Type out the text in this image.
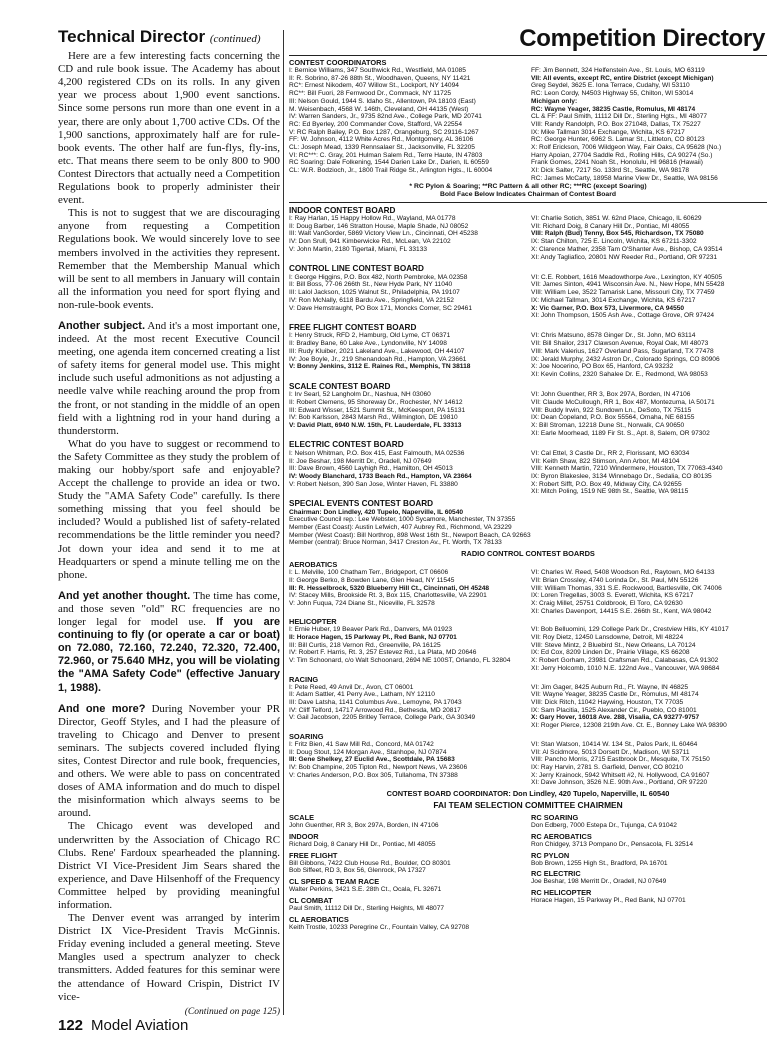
Technical Director (continued)

Here are a few interesting facts concerning the CD and rule book issue. The Academy has about 4,200 registered CDs on its rolls. In any given year we process about 1,900 event sanctions. Since some persons run more than one event in a year, there are only about 1,700 active CDs. Of the 1,900 sanctions, approximately half are for rule-book events. The other half are fun-flys, fly-ins, etc. That means there seem to be only 800 to 900 Contest Directors that actually need a Competition Regulations book to properly administer their event.

This is not to suggest that we are discouraging anyone from requesting a Competition Regulations book. We would sincerely love to see members involved in the activities they represent. Remember that the Membership Manual which will be sent to all members in January will contain all the information you need for sport flying and non-rule-book events.

Another subject. And it's a most important one, indeed. At the most recent Executive Council meeting, one agenda item concerned creating a list of safety items for general model use. This might include such useful admonitions as not adjusting a needle valve while reaching around the prop from the front, or not standing in the middle of an open field with a lightning rod in your hand during a thunderstorm.

What do you have to suggest or recommend to the Safety Committee as they study the problem of making our hobby/sport safe and enjoyable? Accept the challenge to provide an idea or two. Study the "AMA Safety Code" carefully. Is there something missing that you feel should be included? Would a published list of safety-related recommendations be the little reminder you need? Jot down your idea and send it to me at Headquarters or spend a minute telling me on the phone.

And yet another thought. The time has come, and those seven "old" RC frequencies are no longer legal for model use. If you are continuing to fly (or operate a car or boat) on 72.080, 72.160, 72.240, 72.320, 72.400, 72.960, or 75.640 MHz, you will be violating the "AMA Safety Code" (effective January 1, 1988).

And one more? During November your PR Director, Geoff Styles, and I had the pleasure of traveling to Chicago and Denver to present seminars. The subjects covered included flying sites, Contest Director and rule book, frequencies, and others. We were able to pass on concentrated doses of AMA information and do much to dispel the misinformation which always seems to be around.

The Chicago event was developed and underwritten by the Association of Chicago RC Clubs. Rene' Fardoux spearheaded the planning. District VI Vice-President Jim Sears shared the experience, and Dave Hilsenhoff of the Frequency Committee helped by providing meaningful information.

The Denver event was arranged by interim District IX Vice-President Travis McGinnis. Friday evening included a general meeting. Steve Mangles used a spectrum analyzer to check transmitters. Added features for this seminar were the attendance of Howard Crispin, District IV vice-

(Continued on page 125)

Competition Directory
CONTEST COORDINATORS
I: Bernice Williams, 347 Southwick Rd., Westfield, MA 01085
II: R. Sobrino, 87-26 88th St., Woodhaven, Queens, NY 11421
RC*: Ernest Nikodem, 407 Willow St., Lockport, NY 14094
RC**: Bill Fuori, 28 Fernwood Dr., Commack, NY 11725
III: Nelson Gould, 1944 S. Idaho St., Allentown, PA 18103 (East)
M. Weisenbach, 4568 W. 146th, Cleveland, OH 44135 (West)
IV: Warren Sanders, Jr., 9735 82nd Ave., College Park, MD 20741
RC: Ed Byerley, 200 Commander Cove, Stafford, VA 22554
V: RC Ralph Bailey, P.O. Box 1287, Orangeburg, SC 29116-1267
FF: W. Johnson, 4112 White Acres Rd., Montgomery, AL 36106
CL: Joseph Mead, 1339 Rennsalaer St., Jacksonville, FL 32205
VI: RC***: C. Gray, 201 Hulman Salem Rd., Terre Haute, IN 47803
RC Soaring: Dale Folkening, 1544 Darien Lake Dr., Darien, IL 60559
CL: W.R. Bodzioch, Jr., 1800 Trail Ridge St., Arlington Hgts., IL 60004
FF: Jim Bennett, 324 Helfenstein Ave., St. Louis, MO 63119
VII: All events, except RC, entire District (except Michigan)
Greg Seydel, 3625 E. Iona Terrace, Cudahy, WI 53110
RC: Leon Cordy, N4503 Highway 55, Chilton, WI 53014
Michigan only:
RC: Wayne Yeager, 38235 Castle, Romulus, MI 48174
CL & FF: Paul Smith, 11112 Dill Dr., Sterling Hgts., MI 48077
VIII: Randy Randolph, P.O. Box 271048, Dallas, TX 75227
IX: Mike Tallman 3014 Exchange, Wichita, KS 67217
RC: George Hunter, 6962 S. Lamar St., Littleton, CO 80123
X: Rolf Erickson, 7006 Wildgeon Way, Fair Oaks, CA 95628 (No.)
Harry Apoian, 27704 Saddle Rd., Rolling Hills, CA 90274 (So.)
Frank Gomes, 2241 Noah St., Honolulu, HI 96816 (Hawaii)
XI: Dick Salter, 7217 So. 133rd St., Seattle, WA 98178
RC: James McCarty, 18958 Marine View Dr., Seattle, WA 98156
* RC Pylon & Soaring; **RC Pattern & all other RC; ***RC (except Soaring)
Bold Face Below Indicates Chairman of Contest Board
INDOOR CONTEST BOARD
I: Ray Harlan, 15 Happy Hollow Rd., Wayland, MA 01778
II: Doug Barber, 146 Stratton House, Maple Shade, NJ 08052
III: Walt VanGorder, 5869 Victory View Ln., Cincinnati, OH 45238
IV: Don Srull, 941 Kimberwicke Rd., McLean, VA 22102
V: John Martin, 2180 Tigertail, Miami, FL 33133
VI: Charlie Sotich, 3851 W. 62nd Place, Chicago, IL 60629
VII: Richard Doig, 8 Canary Hill Dr., Pontiac, MI 48055
VIII: Ralph (Bud) Tenny, Box 545, Richardson, TX 75080
IX: Stan Chilton, 725 E. Lincoln, Wichita, KS 67211-3302
X: Clarence Mather, 2358 Tam O'Shanter Ave., Bishop, CA 93514
XI: Andy Tagliafico, 20801 NW Reeder Rd., Portland, OR 97231
CONTROL LINE CONTEST BOARD
I: George Higgins, P.O. Box 482, North Pembroke, MA 02358
II: Bill Boss, 77-06 266th St., New Hyde Park, NY 11040
III: Lalol Jackson, 1025 Walnut St., Philadelphia, PA 19107
IV: Ron McNally, 6118 Bardu Ave., Springfield, VA 22152
V: Dave Hemstraught, PO Box 171, Moncks Corner, SC 29461
VI: C.E. Robbert, 1616 Meadowthorpe Ave., Lexington, KY 40505
VII: James Sinton, 4941 Wisconsin Ave. N., New Hope, MN 55428
VIII: William Lee, 3522 Tamarisk Lane, Missouri City, TX 77459
IX: Michael Tallman, 3014 Exchange, Wichita, KS 67217
X: Vic Garner, P.O. Box 573, Livermore, CA 94550
XI: John Thompson, 1505 Ash Ave., Cottage Grove, OR 97424
FREE FLIGHT CONTEST BOARD
I: Henry Struck, RFD 2, Hamburg, Old Lyme, CT 06371
II: Bradley Bane, 60 Lake Ave., Lyndonville, NY 14098
III: Rudy Kluiber, 2021 Lakeland Ave., Lakewood, OH 44107
IV: Joe Boyle, Jr., 219 Shenandoah Rd., Hampton, VA 23661
V: Bonny Jenkins, 3112 E. Raines Rd., Memphis, TN 38118
VI: Chris Matsuno, 8578 Ginger Dr., St. John, MO 63114
VII: Bill Shailor, 2317 Clawson Avenue, Royal Oak, MI 48073
VIII: Mark Valerius, 1627 Overland Pass, Sugarland, TX 77478
IX: Jerald Murphy, 2432 Astron Dr., Colorado Springs, CO 80906
X: Joe Nocerino, PO Box 65, Hanford, CA 93232
XI: Kevin Collins, 2320 Sahalee Dr. E., Redmond, WA 98053
SCALE CONTEST BOARD
I: Irv Searl, 52 Langholm Dr., Nashua, NH 03060
II: Robert Clemens, 95 Shoreway Dr., Rochester, NY 14612
III: Edward Wisser, 1521 Summit St., McKeesport, PA 15131
IV: Bob Karlsson, 2843 Marsh Rd., Wilmington, DE 19810
V: David Platt, 6940 N.W. 15th, Ft. Lauderdale, FL 33313
VI: John Guenther, RR 3, Box 297A, Borden, IN 47106
VII: Claude McCullough, RR 1, Box 487, Montezuma, IA 50171
VIII: Buddy Irwin, 922 Sundown Ln., DeSoto, TX 75115
IX: Dean Copeland, P.O. Box 55564, Omaha, NE 68155
X: Bill Stroman, 12218 Dune St., Norwalk, CA 90650
XI: Earle Moorhead, 1189 Fir St. S., Apt. 8, Salem, OR 97302
ELECTRIC CONTEST BOARD
I: Nelson Whitman, P.O. Box 415, East Falmouth, MA 02536
II: Joe Beshar, 198 Merritt Dr., Oradell, NJ 07649
III: Dave Brown, 4560 Layhigh Rd., Hamilton, OH 45013
IV: Woody Blanchard, 1733 Beach Rd., Hampton, VA 23664
V: Robert Nelson, 390 San Jose, Winter Haven, FL 33880
VI: Cal Ettel, 3 Castle Dr., RR 2, Florissant, MO 63034
VII: Keith Shaw, 822 Stimson, Ann Arbor, MI 48104
VIII: Kenneth Martin, 7210 Windermere, Houston, TX 77063-4340
IX: Byron Blakeslee, 3134 Winnebago Dr., Sedalia, CO 80135
X: Robert Sifft, P.O. Box 49, Midway City, CA 92655
XI: Mitch Poling, 1519 NE 98th St., Seattle, WA 98115
SPECIAL EVENTS CONTEST BOARD
Chairman: Don Lindley, 420 Tupelo, Naperville, IL 60540
Executive Council rep.: Lee Webster, 1000 Sycamore, Manchester, TN 37355
Member (East Coast): Austin Lefwich, 407 Aubrey Rd., Richmond, VA 23229
Member (West Coast): Bill Northrop, 898 West 16th St., Newport Beach, CA 92663
Member (central): Bruce Norman, 3417 Creston Av., Ft. Worth, TX 78133
RADIO CONTROL CONTEST BOARDS
AEROBATICS
I: L. Melville, 100 Chatham Terr., Bridgeport, CT 06606
II: George Berko, 8 Bowden Lane, Glen Head, NY 11545
III: R. Hesselbrock, 5320 Blueberry Hill Ct., Cincinnati, OH 45248
IV: Stacey Mills, Brookside Rt. 3, Box 115, Charlottesville, VA 22901
V: John Fuqua, 724 Diane St., Niceville, FL 32578
VI: Charles W. Reed, 5408 Woodson Rd., Raytown, MO 64133
VII: Brian Crossley, 4740 Lorinda Dr., St. Paul, MN 55126
VIII: William Thomas, 331 S.E. Rockwood, Bartlesville, OK 74006
IX: Loren Tregellas, 3003 S. Everett, Wichita, KS 67217
X: Craig Millet, 25751 Coldbrook, El Toro, CA 92630
XI: Charles Davenport, 14415 S.E. 266th St., Kent, WA 98042
HELICOPTER
I: Ernie Huber, 19 Beaver Park Rd., Danvers, MA 01923
II: Horace Hagen, 15 Parkway Pl., Red Bank, NJ 07701
III: Bill Curtis, 218 Vernon Rd., Greenville, PA 16125
IV: Robert F. Harris, Rt. 3, 257 Estevez Rd., La Plata, MD 20646
V: Tim Schoonard, c/o Walt Schoonard, 2694 NE 100ST, Orlando, FL 32804
VI: Bob Belluomini, 129 College Park Dr., Crestview Hills, KY 41017
VII: Roy Dietz, 12450 Lansdowne, Detroit, MI 48224
VIII: Steve Mintz, 2 Bluebird St., New Orleans, LA 70124
IX: Ed Cox, 8209 Linden Dr., Prairie Village, KS 66208
X: Robert Gorham, 23981 Craftsman Rd., Calabasas, CA 91302
XI: Jerry Holcomb, 1010 N.E. 122nd Ave., Vancouver, WA 98684
RACING
I: Pete Reed, 49 Anvil Dr., Avon, CT 06001
II: Adam Sattler, 41 Perry Ave., Latham, NY 12110
III: Dave Latsha, 1141 Columbus Ave., Lemoyne, PA 17043
IV: Cliff Telford, 14717 Arrowood Rd., Bethesda, MD 20817
V: Gail Jacobson, 2205 Britley Terrace, College Park, GA 30349
VI: Jim Gager, 8425 Auburn Rd., Ft. Wayne, IN 46825
VII: Wayne Yeager, 38235 Castle Dr., Romulus, MI 48174
VIII: Dick Ritch, 11042 Haywing, Houston, TX 77035
IX: Sam Placitia, 1525 Alexander Cir., Pueblo, CO 81001
X: Gary Hover, 16018 Ave. 288, Visalia, CA 93277-9757
XI: Roger Pierce, 12308 219th Ave. Ct. E., Bonney Lake WA 98390
SOARING
I: Fritz Bien, 41 Saw Mill Rd., Concord, MA 01742
II: Doug Stout, 124 Morgan Ave., Stanhope, NJ 07874
III: Gene Shelkey, 27 Euclid Ave., Scottdale, PA 15683
IV: Bob Champine, 205 Tipton Rd., Newport News, VA 23606
V: Charles Anderson, P.O. Box 305, Tullahoma, TN 37388
VI: Stan Watson, 10414 W. 134 St., Palos Park, IL 60464
VII: Al Scidmore, 5013 Dorsett Dr., Madison, WI 53711
VIII: Pancho Morris, 2715 Eastbrook Dr., Mesquite, TX 75150
IX: Ray Harvin, 2781 S. Garfield, Denver, CO 80210
X: Jerry Krainock, 5942 Whitsett #2, N. Hollywood, CA 91607
XI: Dave Johnson, 3526 N.E. 90th Ave., Portland, OR 97220
CONTEST BOARD COORDINATOR: Don Lindley, 420 Tupelo, Naperville, IL 60540
FAI TEAM SELECTION COMMITTEE CHAIRMEN
SCALE
John Guenther, RR 3, Box 297A, Borden, IN 47106
INDOOR
Richard Doig, 8 Canary Hill Dr., Pontiac, MI 48055
FREE FLIGHT
Bill Gibbons, 7422 Club House Rd., Boulder, CO 80301
Bob Siffeet, RD 3, Box 56, Glenrock, PA 17327
CL SPEED & TEAM RACE
Walter Perkins, 3421 S.E. 28th Ct., Ocala, FL 32671
CL COMBAT
Paul Smith, 11112 Dill Dr., Sterling Heights, MI 48077
CL AEROBATICS
Keith Trostle, 10233 Peregrine Cr., Fountain Valley, CA 92708
RC SOARING
Don Edberg, 7000 Estepa Dr., Tujunga, CA 91042
RC AEROBATICS
Ron Chidgey, 3713 Pompano Dr., Pensacola, FL 32514
RC PYLON
Bob Brown, 1255 High St., Bradford, PA 16701
RC ELECTRIC
Joe Beshar, 198 Merritt Dr., Oradell, NJ 07649
RC HELICOPTER
Horace Hagen, 15 Parkway Pl., Red Bank, NJ 07701
122 Model Aviation
